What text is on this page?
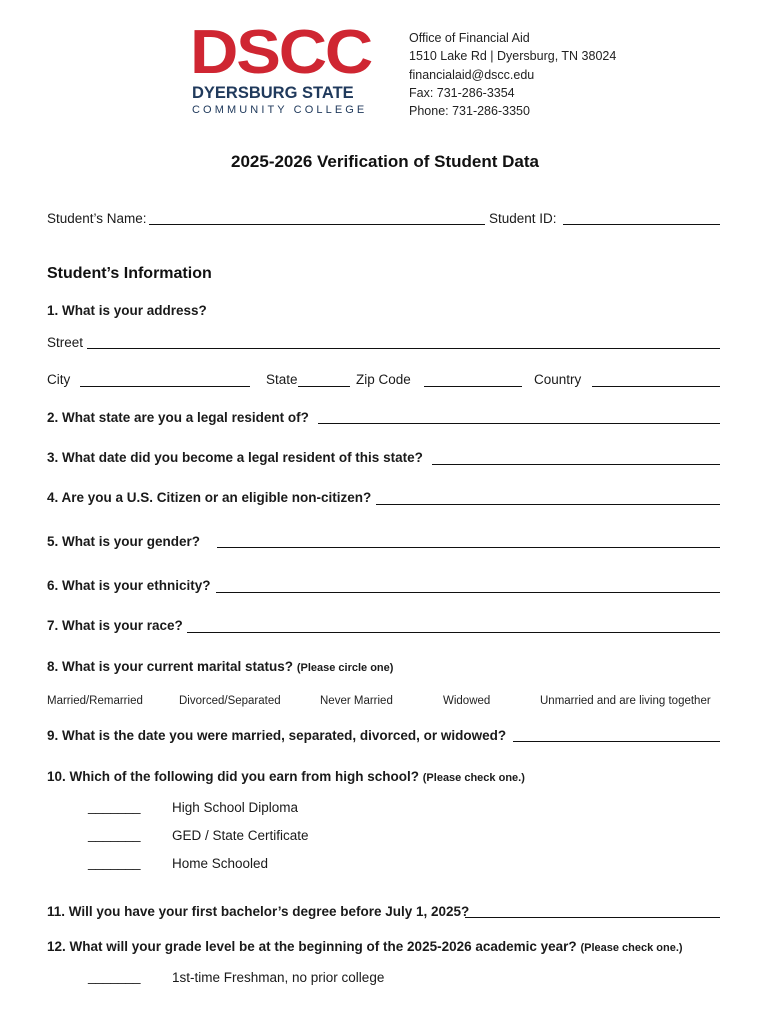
DSCC
DYERSBURG STATE
COMMUNITY COLLEGE
Office of Financial Aid
1510 Lake Rd | Dyersburg, TN 38024
financialaid@dscc.edu
Fax: 731-286-3354
Phone: 731-286-3350
2025-2026 Verification of Student Data
Student’s Name:	Student ID:
Student’s Information
1. What is your address?
Street
City	State	Zip Code	Country
2. What state are you a legal resident of?
3. What date did you become a legal resident of this state?
4. Are you a U.S. Citizen or an eligible non-citizen?
5. What is your gender?
6. What is your ethnicity?
7. What is your race?
8. What is your current marital status? (Please circle one)
Married/Remarried	Divorced/Separated	Never Married	Widowed	Unmarried and are living together
9. What is the date you were married, separated, divorced, or widowed?
10. Which of the following did you earn from high school? (Please check one.)
_______ High School Diploma
_______ GED / State Certificate
_______ Home Schooled
11. Will you have your first bachelor’s degree before July 1, 2025?
12. What will your grade level be at the beginning of the 2025-2026 academic year? (Please check one.)
_______ 1st-time Freshman, no prior college
